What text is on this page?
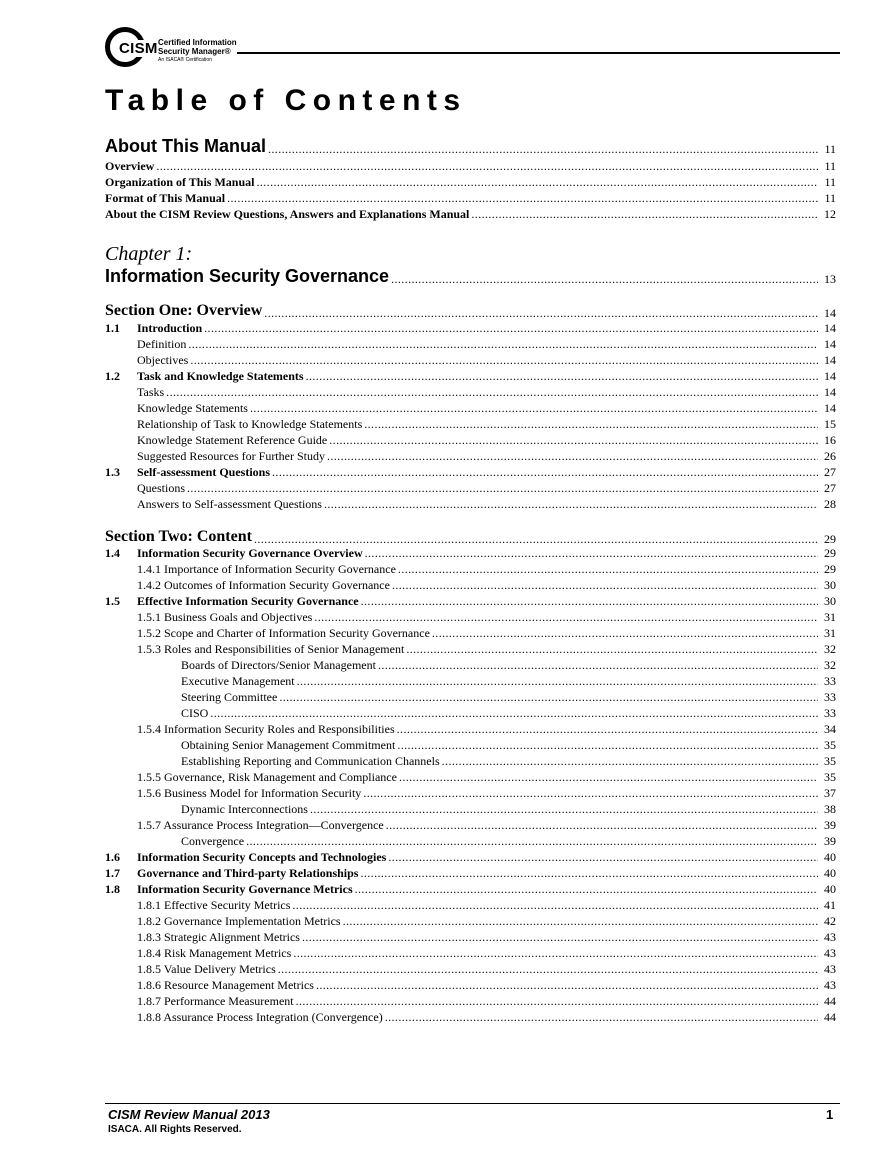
CISM Certified Information
Security Manager®
An ISACA® Certification
Table of Contents
Chapter 1:
About This Manual .....	11
Overview .....	11
Organization of This Manual .....	11
Format of This Manual .....	11
About the CISM Review Questions, Answers and Explanations Manual .....	12
Information Security Governance .....	13
Section One: Overview .....	14
1.1	Introduction .....	14
Definition .....	14
Objectives .....	14
1.2	Task and Knowledge Statements .....	14
Tasks .....	14
Knowledge Statements .....	14
Relationship of Task to Knowledge Statements .....	15
Knowledge Statement Reference Guide .....	16
Suggested Resources for Further Study .....	26
1.3	Self-assessment Questions .....	27
Questions .....	27
Answers to Self-assessment Questions .....	28
Section Two: Content .....	29
1.4	Information Security Governance Overview .....	29
1.4.1 Importance of Information Security Governance .....	29
1.4.2 Outcomes of Information Security Governance .....	30
1.5	Effective Information Security Governance .....	30
1.5.1 Business Goals and Objectives .....	31
1.5.2 Scope and Charter of Information Security Governance .....	31
1.5.3 Roles and Responsibilities of Senior Management .....	32
Boards of Directors/Senior Management .....	32
Executive Management .....	33
Steering Committee .....	33
CISO .....	33
1.5.4 Information Security Roles and Responsibilities .....	34
Obtaining Senior Management Commitment .....	35
Establishing Reporting and Communication Channels .....	35
1.5.5 Governance, Risk Management and Compliance .....	35
1.5.6 Business Model for Information Security .....	37
Dynamic Interconnections .....	38
1.5.7 Assurance Process Integration—Convergence .....	39
Convergence .....	39
1.6	Information Security Concepts and Technologies .....	40
1.7	Governance and Third-party Relationships .....	40
1.8	Information Security Governance Metrics .....	40
1.8.1 Effective Security Metrics .....	41
1.8.2 Governance Implementation Metrics .....	42
1.8.3 Strategic Alignment Metrics .....	43
1.8.4 Risk Management Metrics .....	43
1.8.5 Value Delivery Metrics .....	43
1.8.6 Resource Management Metrics .....	43
1.8.7 Performance Measurement .....	44
1.8.8 Assurance Process Integration (Convergence) .....	44
CISM Review Manual 2013
ISACA. All Rights Reserved.
1
